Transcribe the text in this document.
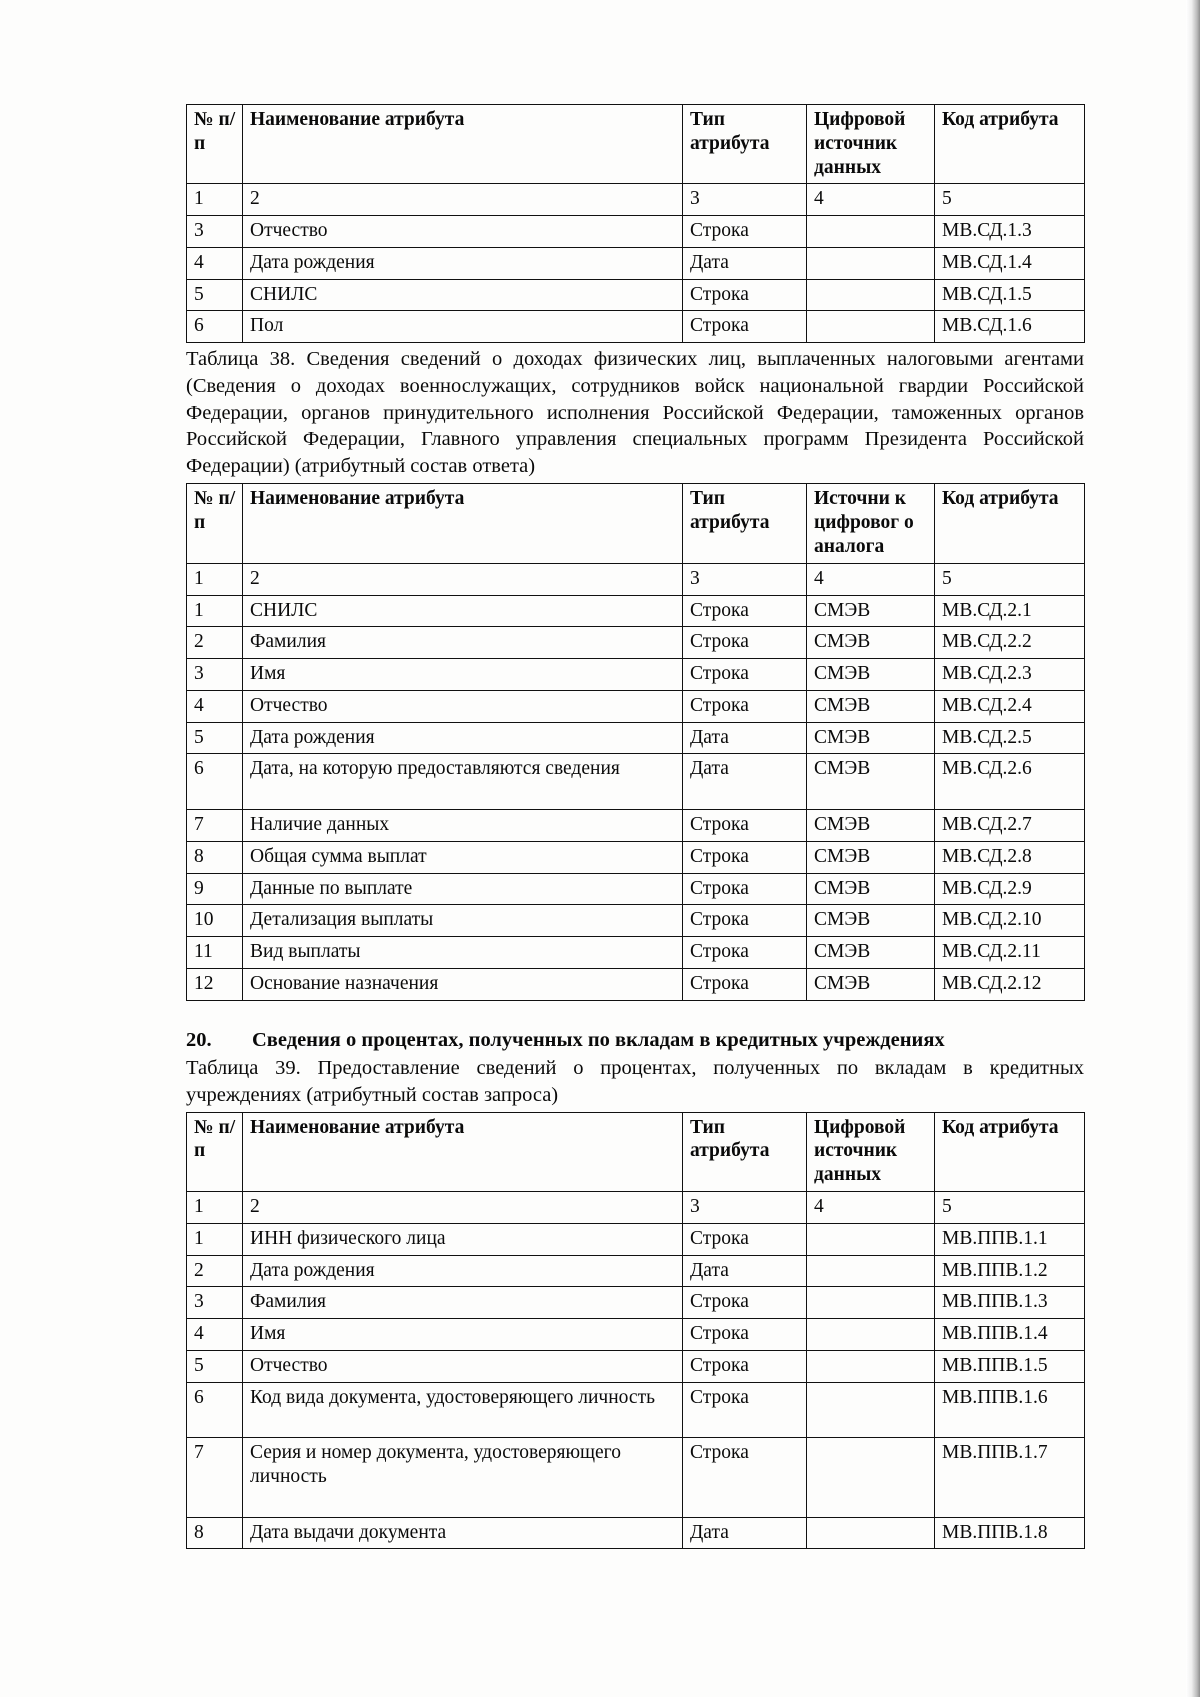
№ п/п	Наименование атрибута	Тип атрибута	Цифровой источник данных	Код атрибута
1	2	3	4	5
3	Отчество	Строка		МВ.СД.1.3
4	Дата рождения	Дата		МВ.СД.1.4
5	СНИЛС	Строка		МВ.СД.1.5
6	Пол	Строка		МВ.СД.1.6

Таблица 38. Сведения сведений о доходах физических лиц, выплаченных налоговыми агентами (Сведения о доходах военнослужащих, сотрудников войск национальной гвардии Российской Федерации, органов принудительного исполнения Российской Федерации, таможенных органов Российской Федерации, Главного управления специальных программ Президента Российской Федерации) (атрибутный состав ответа)

№ п/п	Наименование атрибута	Тип атрибута	Источни к цифровог о аналога	Код атрибута
1	2	3	4	5
1	СНИЛС	Строка	СМЭВ	МВ.СД.2.1
2	Фамилия	Строка	СМЭВ	МВ.СД.2.2
3	Имя	Строка	СМЭВ	МВ.СД.2.3
4	Отчество	Строка	СМЭВ	МВ.СД.2.4
5	Дата рождения	Дата	СМЭВ	МВ.СД.2.5
6	Дата, на которую предоставляются сведения	Дата	СМЭВ	МВ.СД.2.6
7	Наличие данных	Строка	СМЭВ	МВ.СД.2.7
8	Общая сумма выплат	Строка	СМЭВ	МВ.СД.2.8
9	Данные по выплате	Строка	СМЭВ	МВ.СД.2.9
10	Детализация выплаты	Строка	СМЭВ	МВ.СД.2.10
11	Вид выплаты	Строка	СМЭВ	МВ.СД.2.11
12	Основание назначения	Строка	СМЭВ	МВ.СД.2.12
20.	Сведения о процентах, полученных по вкладам в кредитных учреждениях

Таблица 39. Предоставление сведений о процентах, полученных по вкладам в кредитных учреждениях (атрибутный состав запроса)

№ п/п	Наименование атрибута	Тип атрибута	Цифровой источник данных	Код атрибута
1	2	3	4	5
1	ИНН физического лица	Строка		МВ.ППВ.1.1
2	Дата рождения	Дата		МВ.ППВ.1.2
3	Фамилия	Строка		МВ.ППВ.1.3
4	Имя	Строка		МВ.ППВ.1.4
5	Отчество	Строка		МВ.ППВ.1.5
6	Код вида документа, удостоверяющего личность	Строка		МВ.ППВ.1.6
7	Серия и номер документа, удостоверяющего личность	Строка		МВ.ППВ.1.7
8	Дата выдачи документа	Дата		МВ.ППВ.1.8
